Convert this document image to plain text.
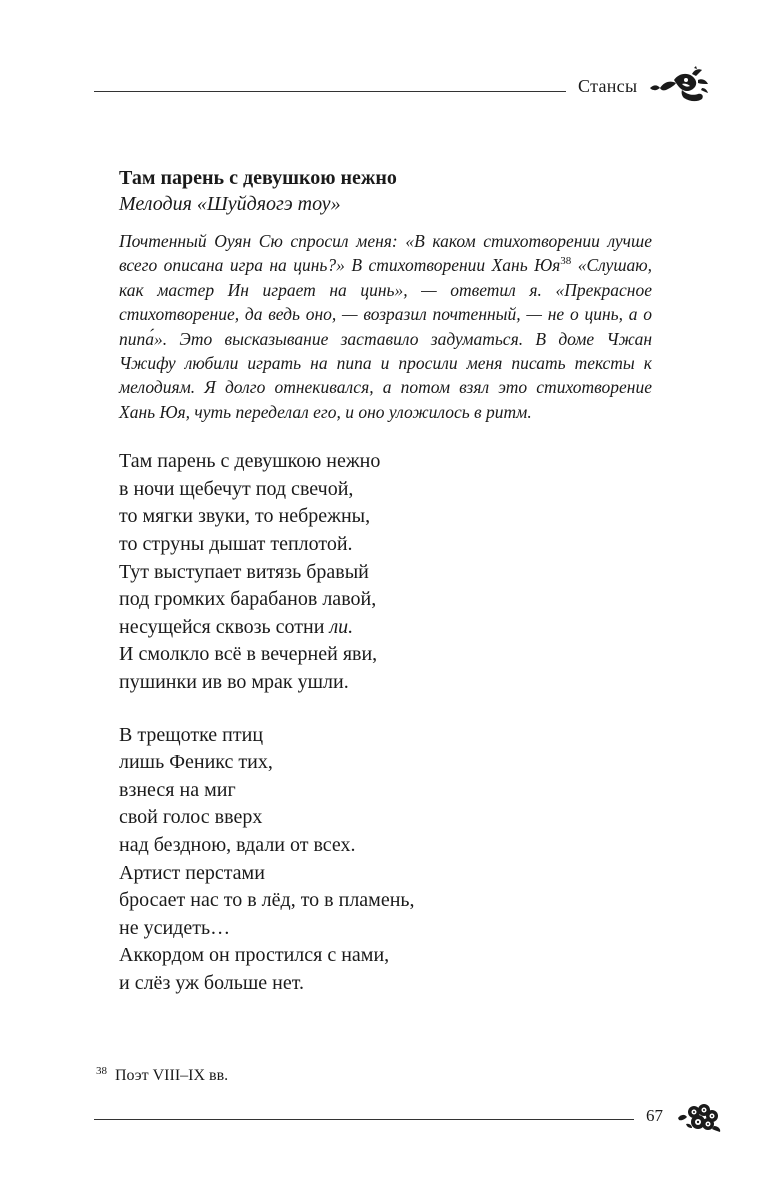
Стансы
Там парень с девушкою нежно

Мелодия «Шуйдяогэ тоу»

Почтенный Оуян Сю спросил меня: «В каком стихотворении лучше всего описана игра на цинь?» В стихотворении Хань Юя$^{38}$ «Слушаю, как мастер Ин играет на цинь», — ответил я. «Прекрасное стихотворение, да ведь оно, — возразил почтенный, — не о цинь, а о пипа́». Это высказывание заставило задуматься. В доме Чжан Чжифу любили играть на пипа и просили меня писать тексты к мелодиям. Я долго отнекивался, а потом взял это стихотворение Хань Юя, чуть переделал его, и оно уложилось в ритм.

Там парень с девушкою нежно
в ночи щебечут под свечой,
то мягки звуки, то небрежны,
то струны дышат теплотой.
Тут выступает витязь бравый
под громких барабанов лавой,
несущейся сквозь сотни ли.
И смолкло всё в вечерней яви,
пушинки ив во мрак ушли.
В трещотке птиц
лишь Феникс тих,
взнеся на миг
свой голос вверх
над бездною, вдали от всех.
Артист перстами
бросает нас то в лёд, то в пламень,
не усидеть…
Аккордом он простился с нами,
и слёз уж больше нет.
$^{38}$ Поэт VIII–IX вв.
67
